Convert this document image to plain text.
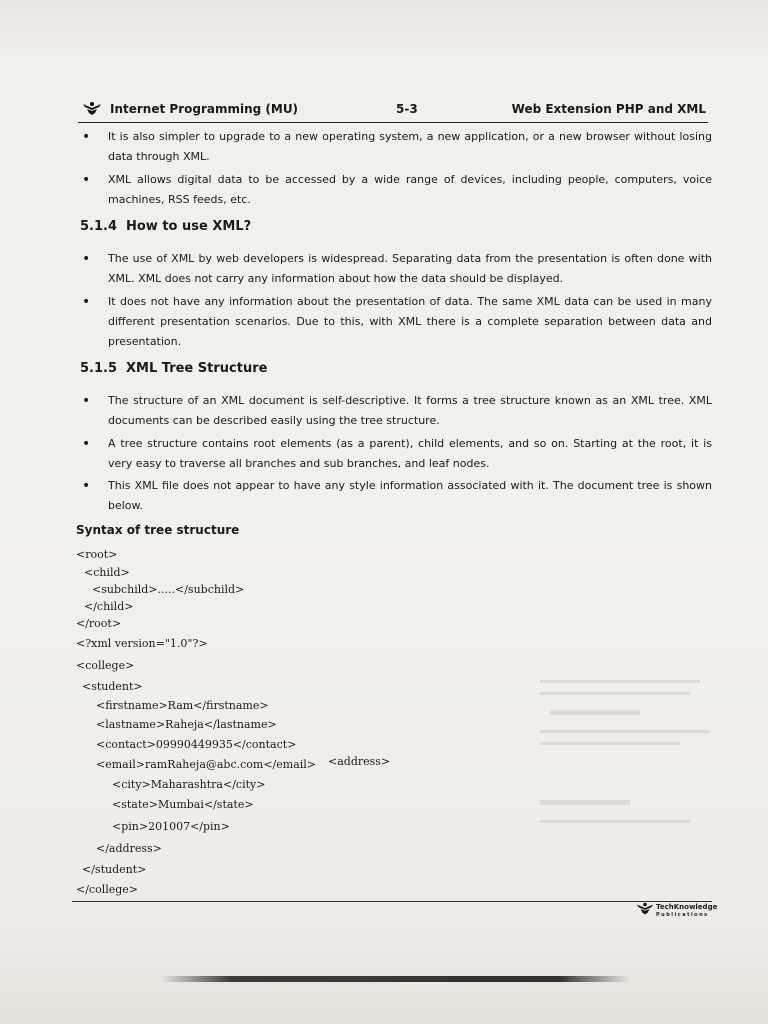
Internet Programming (MU)	5-3	Web Extension PHP and XML
• It is also simpler to upgrade to a new operating system, a new application, or a new browser without losing data through XML.
• XML allows digital data to be accessed by a wide range of devices, including people, computers, voice machines, RSS feeds, etc.
5.1.4 How to use XML?
• The use of XML by web developers is widespread. Separating data from the presentation is often done with XML. XML does not carry any information about how the data should be displayed.
• It does not have any information about the presentation of data. The same XML data can be used in many different presentation scenarios. Due to this, with XML there is a complete separation between data and presentation.
5.1.5 XML Tree Structure
• The structure of an XML document is self-descriptive. It forms a tree structure known as an XML tree. XML documents can be described easily using the tree structure.
• A tree structure contains root elements (as a parent), child elements, and so on. Starting at the root, it is very easy to traverse all branches and sub branches, and leaf nodes.
• This XML file does not appear to have any style information associated with it. The document tree is shown below.
Syntax of tree structure
<root>
<child>
<subchild>.....</subchild>
</child>
</root>
<?xml version="1.0"?>
<college>
<student>
<firstname>Ram</firstname>
<lastname>Raheja</lastname>
<contact>09990449935</contact>
<email>ramRaheja@abc.com</email> <address>
<city>Maharashtra</city>
<state>Mumbai</state>
<pin>201007</pin>
</address>
</student>
</college>
TechKnowledge
Publications
